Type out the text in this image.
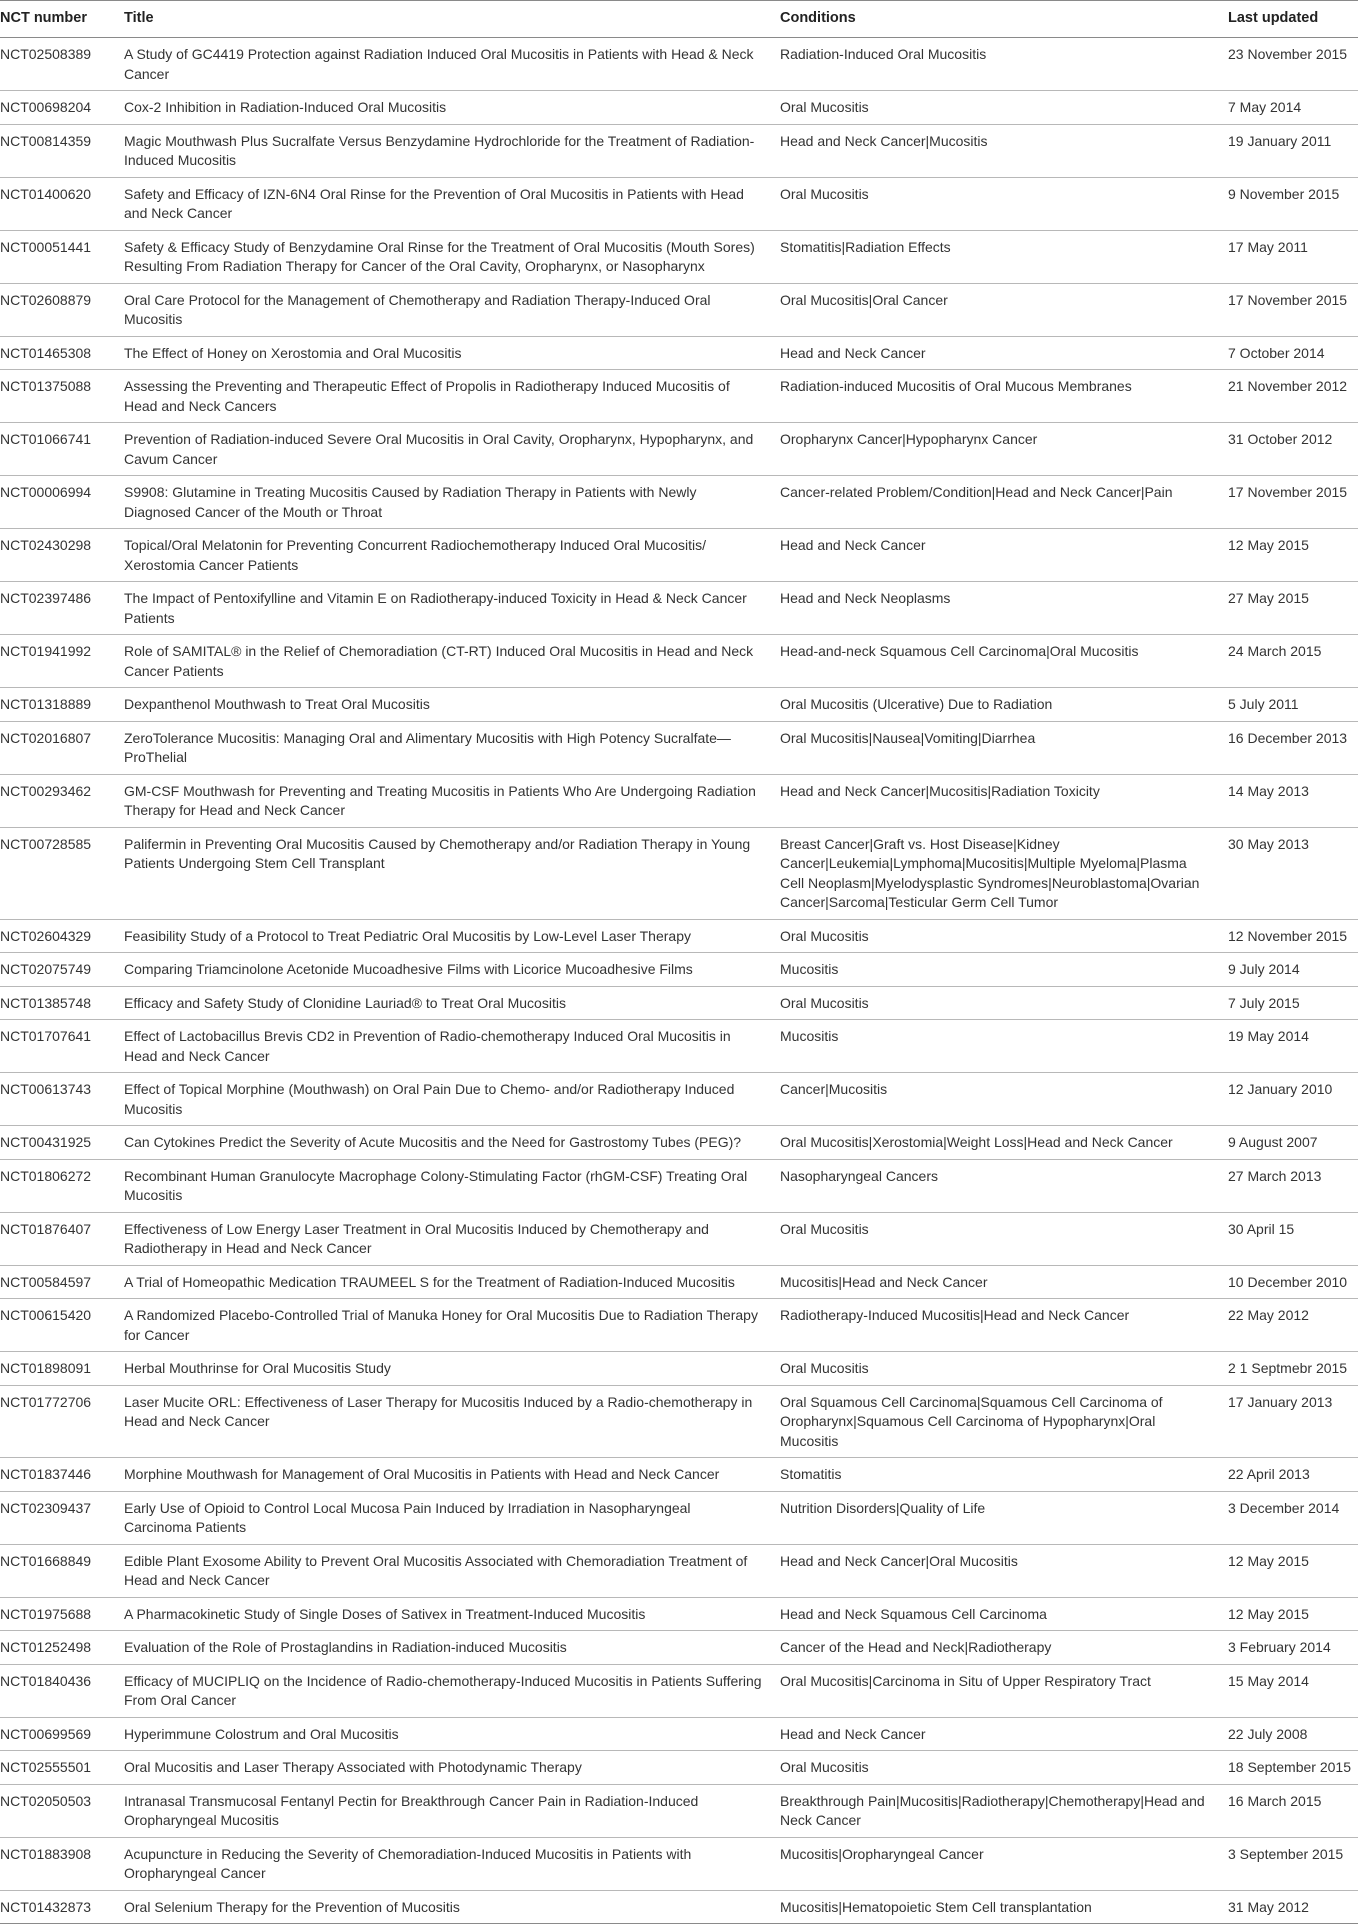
NCT number	Title	Conditions	Last updated
NCT02508389	A Study of GC4419 Protection against Radiation Induced Oral Mucositis in Patients with Head & Neck Cancer	Radiation-Induced Oral Mucositis	23 November 2015
NCT00698204	Cox-2 Inhibition in Radiation-Induced Oral Mucositis	Oral Mucositis	7 May 2014
NCT00814359	Magic Mouthwash Plus Sucralfate Versus Benzydamine Hydrochloride for the Treatment of Radiation-Induced Mucositis	Head and Neck Cancer|Mucositis	19 January 2011
NCT01400620	Safety and Efficacy of IZN-6N4 Oral Rinse for the Prevention of Oral Mucositis in Patients with Head and Neck Cancer	Oral Mucositis	9 November 2015
NCT00051441	Safety & Efficacy Study of Benzydamine Oral Rinse for the Treatment of Oral Mucositis (Mouth Sores) Resulting From Radiation Therapy for Cancer of the Oral Cavity, Oropharynx, or Nasopharynx	Stomatitis|Radiation Effects	17 May 2011
NCT02608879	Oral Care Protocol for the Management of Chemotherapy and Radiation Therapy-Induced Oral Mucositis	Oral Mucositis|Oral Cancer	17 November 2015
NCT01465308	The Effect of Honey on Xerostomia and Oral Mucositis	Head and Neck Cancer	7 October 2014
NCT01375088	Assessing the Preventing and Therapeutic Effect of Propolis in Radiotherapy Induced Mucositis of Head and Neck Cancers	Radiation-induced Mucositis of Oral Mucous Membranes	21 November 2012
NCT01066741	Prevention of Radiation-induced Severe Oral Mucositis in Oral Cavity, Oropharynx, Hypopharynx, and Cavum Cancer	Oropharynx Cancer|Hypopharynx Cancer	31 October 2012
NCT00006994	S9908: Glutamine in Treating Mucositis Caused by Radiation Therapy in Patients with Newly Diagnosed Cancer of the Mouth or Throat	Cancer-related Problem/Condition|Head and Neck Cancer|Pain	17 November 2015
NCT02430298	Topical/Oral Melatonin for Preventing Concurrent Radiochemotherapy Induced Oral Mucositis/ Xerostomia Cancer Patients	Head and Neck Cancer	12 May 2015
NCT02397486	The Impact of Pentoxifylline and Vitamin E on Radiotherapy-induced Toxicity in Head & Neck Cancer Patients	Head and Neck Neoplasms	27 May 2015
NCT01941992	Role of SAMITAL® in the Relief of Chemoradiation (CT-RT) Induced Oral Mucositis in Head and Neck Cancer Patients	Head-and-neck Squamous Cell Carcinoma|Oral Mucositis	24 March 2015
NCT01318889	Dexpanthenol Mouthwash to Treat Oral Mucositis	Oral Mucositis (Ulcerative) Due to Radiation	5 July 2011
NCT02016807	ZeroTolerance Mucositis: Managing Oral and Alimentary Mucositis with High Potency Sucralfate—ProThelial	Oral Mucositis|Nausea|Vomiting|Diarrhea	16 December 2013
NCT00293462	GM-CSF Mouthwash for Preventing and Treating Mucositis in Patients Who Are Undergoing Radiation Therapy for Head and Neck Cancer	Head and Neck Cancer|Mucositis|Radiation Toxicity	14 May 2013
NCT00728585	Palifermin in Preventing Oral Mucositis Caused by Chemotherapy and/or Radiation Therapy in Young Patients Undergoing Stem Cell Transplant	Breast Cancer|Graft vs. Host Disease|Kidney Cancer|Leukemia|Lymphoma|Mucositis|Multiple Myeloma|Plasma Cell Neoplasm|Myelodysplastic Syndromes|Neuroblastoma|Ovarian Cancer|Sarcoma|Testicular Germ Cell Tumor	30 May 2013
NCT02604329	Feasibility Study of a Protocol to Treat Pediatric Oral Mucositis by Low-Level Laser Therapy	Oral Mucositis	12 November 2015
NCT02075749	Comparing Triamcinolone Acetonide Mucoadhesive Films with Licorice Mucoadhesive Films	Mucositis	9 July 2014
NCT01385748	Efficacy and Safety Study of Clonidine Lauriad® to Treat Oral Mucositis	Oral Mucositis	7 July 2015
NCT01707641	Effect of Lactobacillus Brevis CD2 in Prevention of Radio-chemotherapy Induced Oral Mucositis in Head and Neck Cancer	Mucositis	19 May 2014
NCT00613743	Effect of Topical Morphine (Mouthwash) on Oral Pain Due to Chemo- and/or Radiotherapy Induced Mucositis	Cancer|Mucositis	12 January 2010
NCT00431925	Can Cytokines Predict the Severity of Acute Mucositis and the Need for Gastrostomy Tubes (PEG)?	Oral Mucositis|Xerostomia|Weight Loss|Head and Neck Cancer	9 August 2007
NCT01806272	Recombinant Human Granulocyte Macrophage Colony-Stimulating Factor (rhGM-CSF) Treating Oral Mucositis	Nasopharyngeal Cancers	27 March 2013
NCT01876407	Effectiveness of Low Energy Laser Treatment in Oral Mucositis Induced by Chemotherapy and Radiotherapy in Head and Neck Cancer	Oral Mucositis	30 April 15
NCT00584597	A Trial of Homeopathic Medication TRAUMEEL S for the Treatment of Radiation-Induced Mucositis	Mucositis|Head and Neck Cancer	10 December 2010
NCT00615420	A Randomized Placebo-Controlled Trial of Manuka Honey for Oral Mucositis Due to Radiation Therapy for Cancer	Radiotherapy-Induced Mucositis|Head and Neck Cancer	22 May 2012
NCT01898091	Herbal Mouthrinse for Oral Mucositis Study	Oral Mucositis	2 1 Septmebr 2015
NCT01772706	Laser Mucite ORL: Effectiveness of Laser Therapy for Mucositis Induced by a Radio-chemotherapy in Head and Neck Cancer	Oral Squamous Cell Carcinoma|Squamous Cell Carcinoma of Oropharynx|Squamous Cell Carcinoma of Hypopharynx|Oral Mucositis	17 January 2013
NCT01837446	Morphine Mouthwash for Management of Oral Mucositis in Patients with Head and Neck Cancer	Stomatitis	22 April 2013
NCT02309437	Early Use of Opioid to Control Local Mucosa Pain Induced by Irradiation in Nasopharyngeal Carcinoma Patients	Nutrition Disorders|Quality of Life	3 December 2014
NCT01668849	Edible Plant Exosome Ability to Prevent Oral Mucositis Associated with Chemoradiation Treatment of Head and Neck Cancer	Head and Neck Cancer|Oral Mucositis	12 May 2015
NCT01975688	A Pharmacokinetic Study of Single Doses of Sativex in Treatment-Induced Mucositis	Head and Neck Squamous Cell Carcinoma	12 May 2015
NCT01252498	Evaluation of the Role of Prostaglandins in Radiation-induced Mucositis	Cancer of the Head and Neck|Radiotherapy	3 February 2014
NCT01840436	Efficacy of MUCIPLIQ on the Incidence of Radio-chemotherapy-Induced Mucositis in Patients Suffering From Oral Cancer	Oral Mucositis|Carcinoma in Situ of Upper Respiratory Tract	15 May 2014
NCT00699569	Hyperimmune Colostrum and Oral Mucositis	Head and Neck Cancer	22 July 2008
NCT02555501	Oral Mucositis and Laser Therapy Associated with Photodynamic Therapy	Oral Mucositis	18 September 2015
NCT02050503	Intranasal Transmucosal Fentanyl Pectin for Breakthrough Cancer Pain in Radiation-Induced Oropharyngeal Mucositis	Breakthrough Pain|Mucositis|Radiotherapy|Chemotherapy|Head and Neck Cancer	16 March 2015
NCT01883908	Acupuncture in Reducing the Severity of Chemoradiation-Induced Mucositis in Patients with Oropharyngeal Cancer	Mucositis|Oropharyngeal Cancer	3 September 2015
NCT01432873	Oral Selenium Therapy for the Prevention of Mucositis	Mucositis|Hematopoietic Stem Cell transplantation	31 May 2012
